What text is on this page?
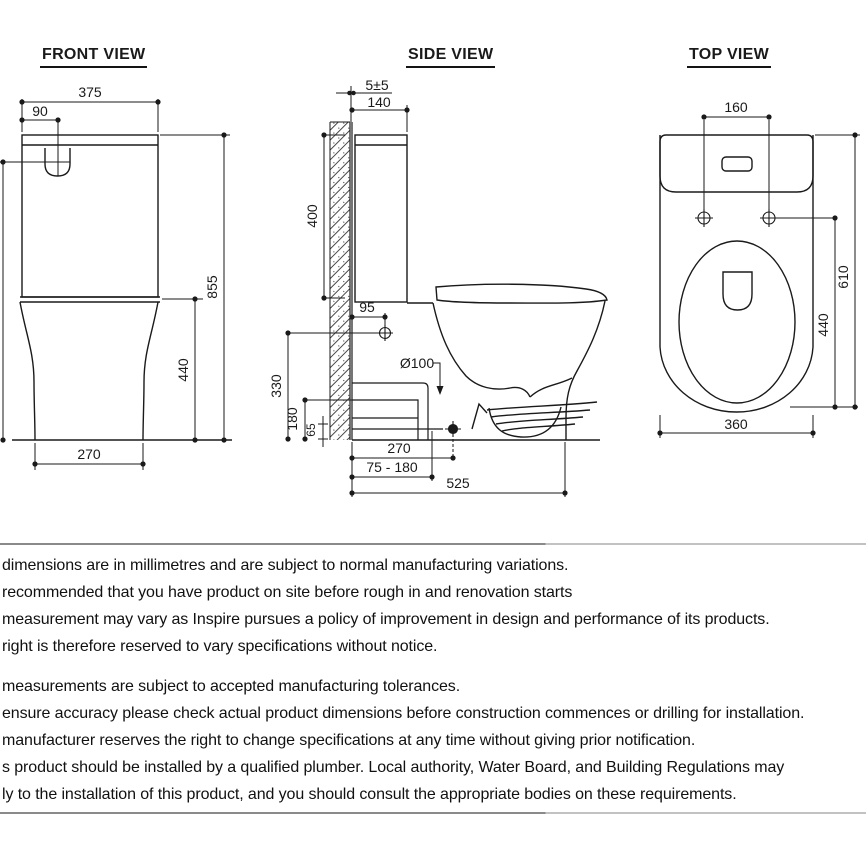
FRONT VIEW	SIDE VIEW	TOP VIEW
375
90
855
440
270
5±5
140
400
95
Ø100
330
180 65
270
75 - 180
525
160
610
440
360
dimensions are in millimetres and are subject to normal manufacturing variations.
recommended that you have product on site before rough in and renovation starts
measurement may vary as Inspire pursues a policy of improvement in design and performance of its products.
right is therefore reserved to vary specifications without notice.
measurements are subject to accepted manufacturing tolerances.
ensure accuracy please check actual product dimensions before construction commences or drilling for installation.
manufacturer reserves the right to change specifications at any time without giving prior notification.
s product should be installed by a qualified plumber. Local authority, Water Board, and Building Regulations may
ly to the installation of this product, and you should consult the appropriate bodies on these requirements.
